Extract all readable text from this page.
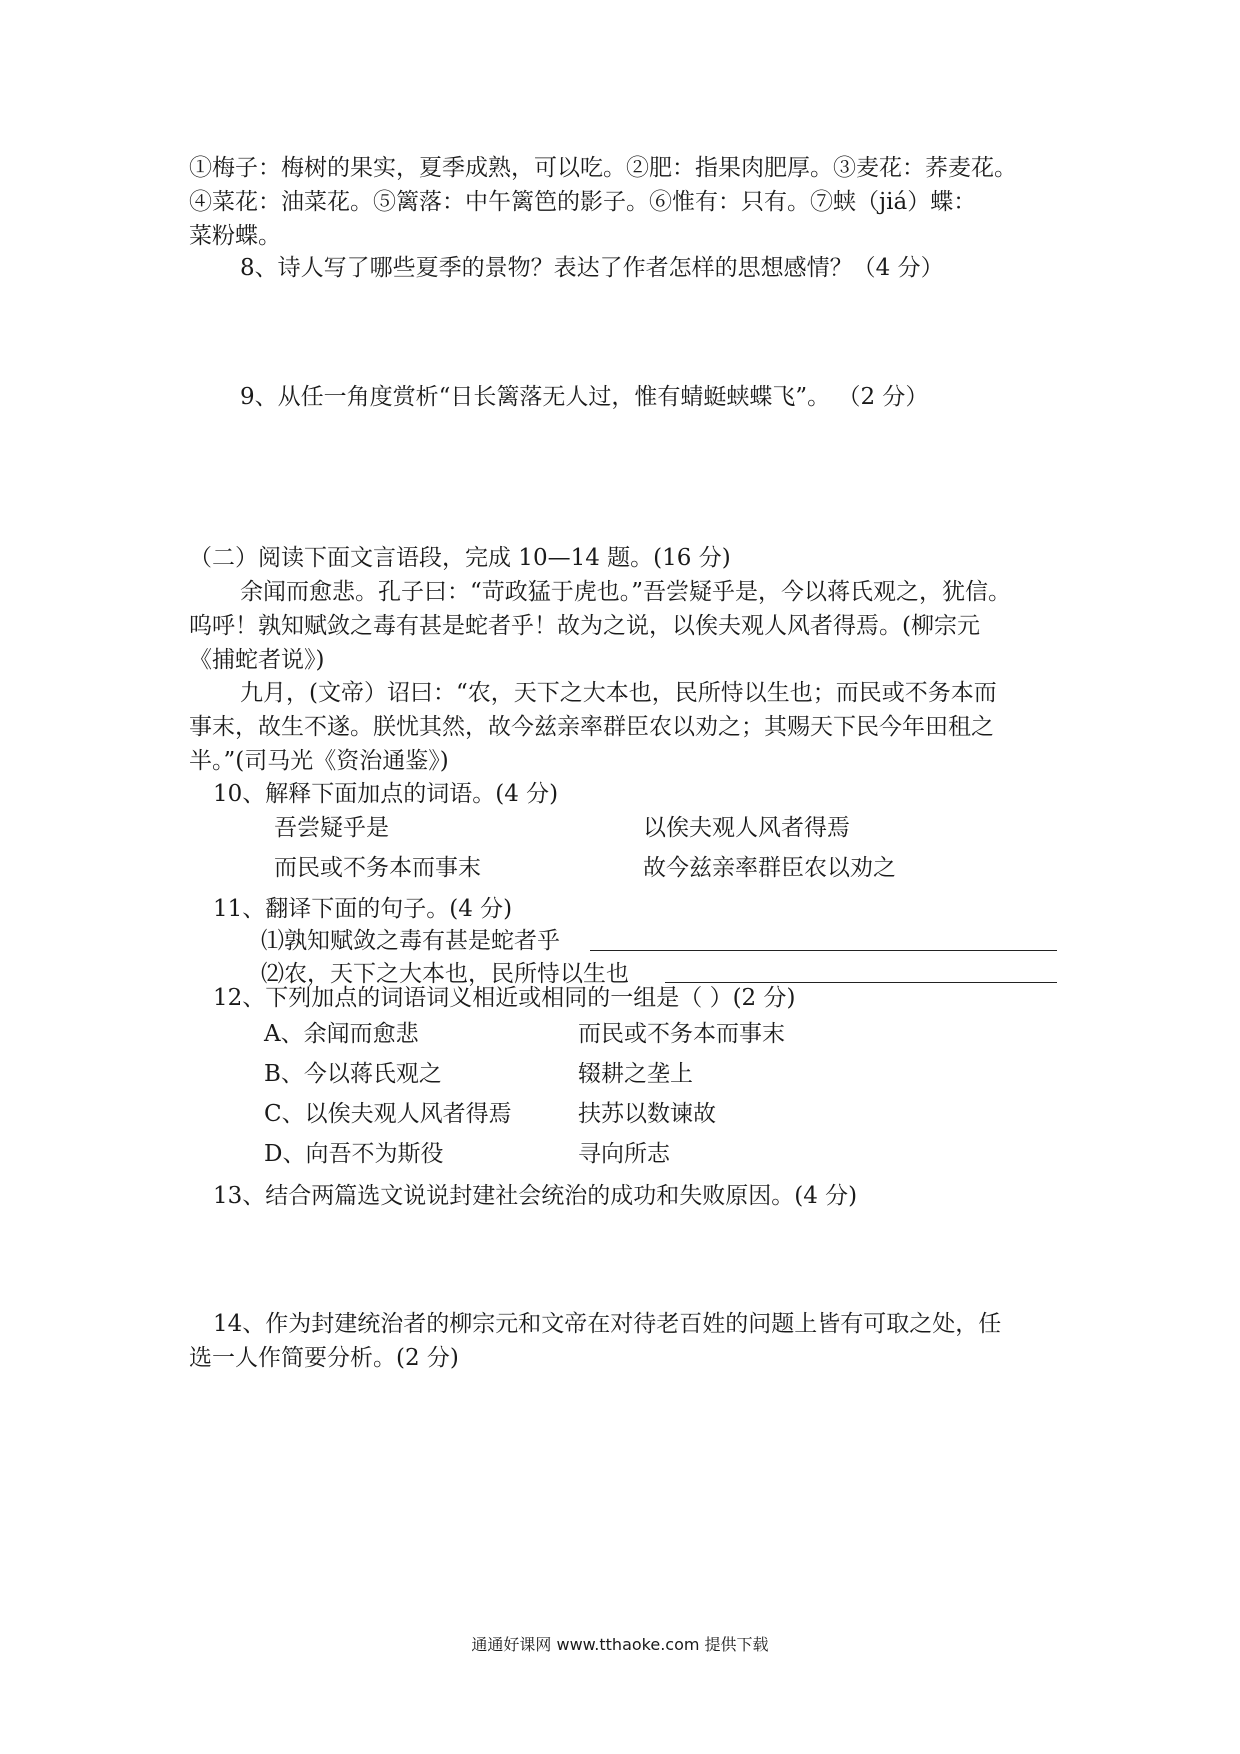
①梅子：梅树的果实，夏季成熟，可以吃。②肥：指果肉肥厚。③麦花：荞麦花。
④菜花：油菜花。⑤篱落：中午篱笆的影子。⑥惟有：只有。⑦蛱（jiá）蝶：
菜粉蝶。
8、诗人写了哪些夏季的景物？表达了作者怎样的思想感情？（4 分）
9、从任一角度赏析“日长篱落无人过，惟有蜻蜓蛱蝶飞”。 （2 分）
（二）阅读下面文言语段，完成 10—14 题。(16 分)
余闻而愈悲。孔子曰：“苛政猛于虎也。”吾尝疑乎是，今以蒋氏观之，犹信。
呜呼！孰知赋敛之毒有甚是蛇者乎！故为之说，以俟夫观人风者得焉。(柳宗元
《捕蛇者说》)
九月，(文帝）诏曰：“农，天下之大本也，民所恃以生也；而民或不务本而
事末，故生不遂。朕忧其然，故今兹亲率群臣农以劝之；其赐天下民今年田租之
半。”(司马光《资治通鉴》)
10、解释下面加点的词语。(4 分)
吾尝疑乎是	以俟夫观人风者得焉
而民或不务本而事末	故今兹亲率群臣农以劝之
11、翻译下面的句子。(4 分)
⑴孰知赋敛之毒有甚是蛇者乎
⑵农，天下之大本也，民所恃以生也
12、下列加点的词语词义相近或相同的一组是（ ）(2 分)
A、余闻而愈悲	而民或不务本而事末
B、今以蒋氏观之	辍耕之垄上
C、以俟夫观人风者得焉	扶苏以数谏故
D、向吾不为斯役	寻向所志
13、结合两篇选文说说封建社会统治的成功和失败原因。(4 分)
14、作为封建统治者的柳宗元和文帝在对待老百姓的问题上皆有可取之处，任
选一人作简要分析。(2 分)
通通好课网 www.tthaoke.com 提供下载
